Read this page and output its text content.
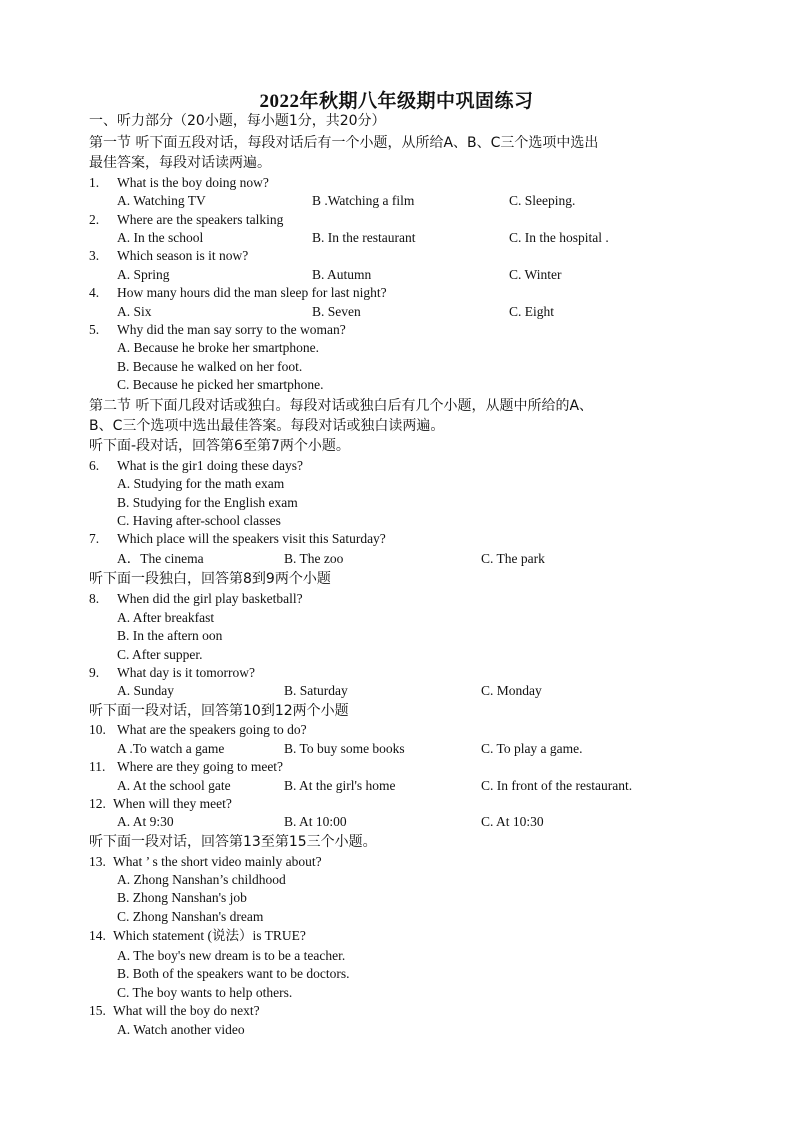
2022年秋期八年级期中巩固练习
一、听力部分（20小题，每小题1分，共20分）
第一节 听下面五段对话，每段对话后有一个小题，从所给A、B、C三个选项中选出
最佳答案，每段对话读两遍。
1. What is the boy doing now?
A. Watching TV	B .Watching a film	C. Sleeping.
2. Where are the speakers talking
A. In the school	B. In the restaurant	C. In the hospital .
3. Which season is it now?
A. Spring	B. Autumn	C. Winter
4. How many hours did the man sleep for last night?
A. Six	B. Seven	C. Eight
5. Why did the man say sorry to the woman?
A. Because he broke her smartphone.
B. Because he walked on her foot.
C. Because he picked her smartphone.
第二节 听下面几段对话或独白。每段对话或独白后有几个小题，从题中所给的A、
B、C三个选项中选出最佳答案。每段对话或独白读两遍。
听下面-段对话，回答第6至第7两个小题。
6. What is the gir1 doing these days?
A. Studying for the math exam
B. Studying for the English exam
C. Having after-school classes
7. Which place will the speakers visit this Saturday?
A．The cinema	B. The zoo	C. The park
听下面一段独白，回答第8到9两个小题
8. When did the girl play basketball?
A. After breakfast
B. In the aftern oon
C. After supper.
9. What day is it tomorrow?
A. Sunday	B. Saturday	C. Monday
听下面一段对话，回答第10到12两个小题
10. What are the speakers going to do?
A .To watch a game	B. To buy some books	C. To play a game.
11. Where are they going to meet?
A. At the school gate	B. At the girl's home	C. In front of the restaurant.
12. When will they meet?
A. At 9:30	B. At 10:00	C. At 10:30
听下面一段对话，回答第13至第15三个小题。
13. What ’ s the short video mainly about?
A. Zhong Nanshan’s childhood
B. Zhong Nanshan's job
C. Zhong Nanshan's dream
14. Which statement (说法）is TRUE?
A. The boy's new dream is to be a teacher.
B. Both of the speakers want to be doctors.
C. The boy wants to help others.
15. What will the boy do next?
A. Watch another video
